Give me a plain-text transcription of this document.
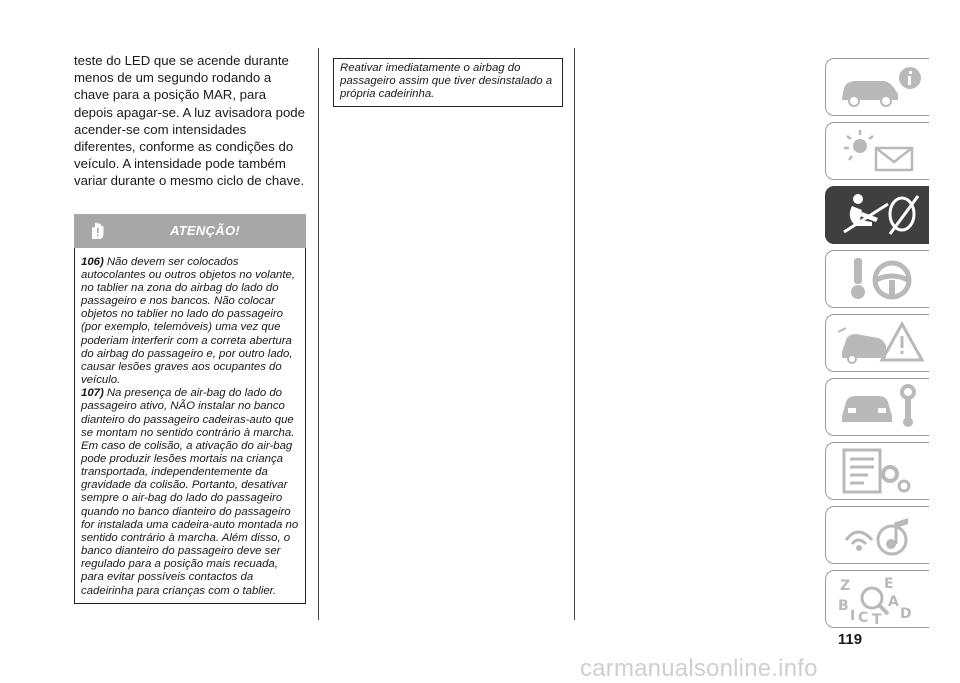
teste do LED que se acende durante menos de um segundo rodando a chave para a posição MAR, para depois apagar-se. A luz avisadora pode acender-se com intensidades diferentes, conforme as condições do veículo. A intensidade pode também variar durante o mesmo ciclo de chave.

ATENÇÃO!

106) Não devem ser colocados autocolantes ou outros objetos no volante, no tablier na zona do airbag do lado do passageiro e nos bancos. Não colocar objetos no tablier no lado do passageiro (por exemplo, telemóveis) uma vez que poderiam interferir com a correta abertura do airbag do passageiro e, por outro lado, causar lesões graves aos ocupantes do veículo.

107) Na presença de air-bag do lado do passageiro ativo, NÃO instalar no banco dianteiro do passageiro cadeiras-auto que se montam no sentido contrário à marcha. Em caso de colisão, a ativação do air-bag pode produzir lesões mortais na criança transportada, independentemente da gravidade da colisão. Portanto, desativar sempre o air-bag do lado do passageiro quando no banco dianteiro do passageiro for instalada uma cadeira-auto montada no sentido contrário à marcha. Além disso, o banco dianteiro do passageiro deve ser regulado para a posição mais recuada, para evitar possíveis contactos da cadeirinha para crianças com o tablier.

Reativar imediatamente o airbag do passageiro assim que tiver desinstalado a própria cadeirinha.
Z E
B	A
C T D
I
119
carmanualsonline.info
